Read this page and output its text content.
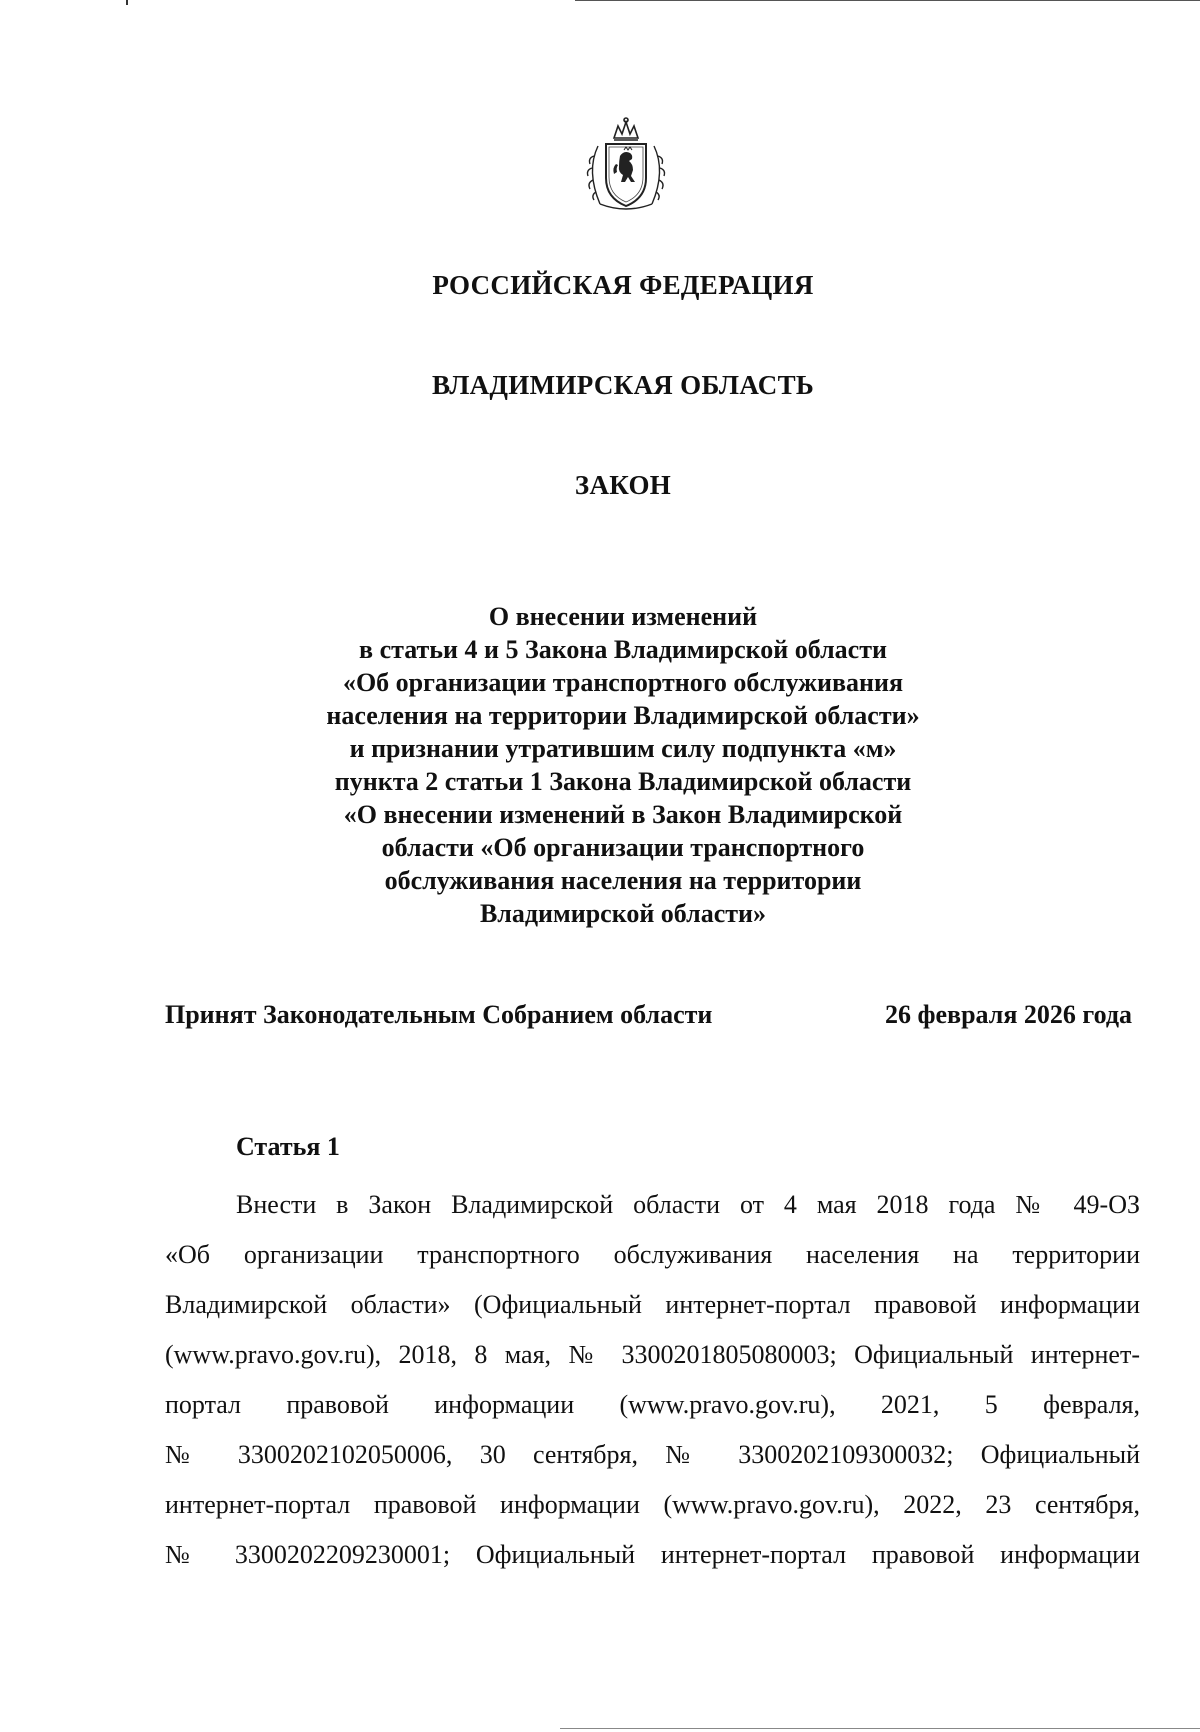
РОССИЙСКАЯ ФЕДЕРАЦИЯ
ВЛАДИМИРСКАЯ ОБЛАСТЬ
ЗАКОН
О внесении изменений
в статьи 4 и 5 Закона Владимирской области
«Об организации транспортного обслуживания
населения на территории Владимирской области»
и признании утратившим силу подпункта «м»
пункта 2 статьи 1 Закона Владимирской области
«О внесении изменений в Закон Владимирской
области «Об организации транспортного
обслуживания населения на территории
Владимирской области»
Принят Законодательным Собранием области	26 февраля 2026 года
Статья 1
Внести в Закон Владимирской области от 4 мая 2018 года № 49-ОЗ
«Об организации транспортного обслуживания населения на территории
Владимирской области» (Официальный интернет-портал правовой информации
(www.pravo.gov.ru), 2018, 8 мая, № 3300201805080003; Официальный интернет-
портал правовой информации (www.pravo.gov.ru), 2021, 5 февраля,
№ 3300202102050006, 30 сентября, № 3300202109300032; Официальный
интернет-портал правовой информации (www.pravo.gov.ru), 2022, 23 сентября,
№ 3300202209230001; Официальный интернет-портал правовой информации
